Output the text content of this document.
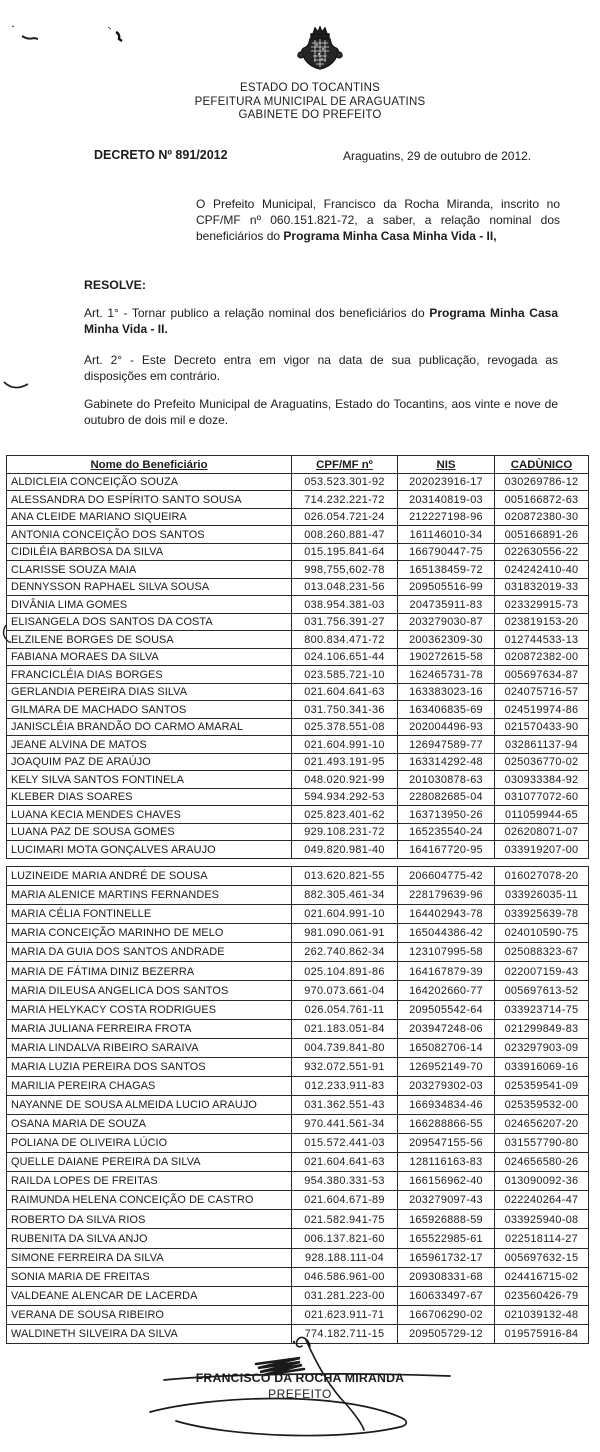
ESTADO DO TOCANTINS
PEFEITURA MUNICIPAL DE ARAGUATINS
GABINETE DO PREFEITO
DECRETO Nº 891/2012	Araguatins, 29 de outubro de 2012.
O Prefeito Municipal, Francisco da Rocha Miranda, inscrito no CPF/MF nº 060.151.821-72, a saber, a relação nominal dos beneficiários do Programa Minha Casa Minha Vida - II,
RESOLVE:
Art. 1° - Tornar publico a relação nominal dos beneficiários do Programa Minha Casa Minha Vida - II.
Art. 2° - Este Decreto entra em vigor na data de sua publicação, revogada as disposições em contrário.
Gabinete do Prefeito Municipal de Araguatins, Estado do Tocantins, aos vinte e nove de outubro de dois mil e doze.
Nome do Beneficiário	CPF/MF nº	NIS	CADÙNICO
ALDICLEIA CONCEIÇÃO SOUZA	053.523.301-92	202023916-17	030269786-12
ALESSANDRA DO ESPÍRITO SANTO SOUSA	714.232.221-72	203140819-03	005166872-63
ANA CLEIDE MARIANO SIQUEIRA	026.054.721-24	212227198-96	020872380-30
ANTONIA CONCEIÇÃO DOS SANTOS	008.260.881-47	161146010-34	005166891-26
CIDILÉIA BARBOSA DA SILVA	015.195.841-64	166790447-75	022630556-22
CLARISSE SOUZA MAIA	998,755,602-78	165138459-72	024242410-40
DENNYSSON RAPHAEL SILVA SOUSA	013.048.231-56	209505516-99	031832019-33
DIVÂNIA LIMA GOMES	038.954.381-03	204735911-83	023329915-73
ELISANGELA DOS SANTOS DA COSTA	031.756.391-27	203279030-87	023819153-20
ELZILENE BORGES DE SOUSA	800.834.471-72	200362309-30	012744533-13
FABIANA MORAES DA SILVA	024.106.651-44	190272615-58	020872382-00
FRANCICLÉIA DIAS BORGES	023.585.721-10	162465731-78	005697634-87
GERLANDIA PEREIRA DIAS SILVA	021.604.641-63	163383023-16	024075716-57
GILMARA DE MACHADO SANTOS	031.750.341-36	163406835-69	024519974-86
JANISCLÉIA BRANDÃO DO CARMO AMARAL	025.378.551-08	202004496-93	021570433-90
JEANE ALVINA DE MATOS	021.604.991-10	126947589-77	032861137-94
JOAQUIM PAZ DE ARAÚJO	021.493.191-95	163314292-48	025036770-02
KELY SILVA SANTOS FONTINELA	048.020.921-99	201030878-63	030933384-92
KLEBER DIAS SOARES	594.934.292-53	228082685-04	031077072-60
LUANA KECIA MENDES CHAVES	025.823.401-62	163713950-26	011059944-65
LUANA PAZ DE SOUSA GOMES	929.108.231-72	165235540-24	026208071-07
LUCIMARI MOTA GONÇALVES ARAUJO	049.820.981-40	164167720-95	033919207-00
LUZINEIDE MARIA ANDRÉ DE SOUSA	013.620.821-55	206604775-42	016027078-20
MARIA ALENICE MARTINS FERNANDES	882.305.461-34	228179639-96	033926035-11
MARIA CÉLIA FONTINELLE	021.604.991-10	164402943-78	033925639-78
MARIA CONCEIÇÃO MARINHO DE MELO	981.090.061-91	165044386-42	024010590-75
MARIA DA GUIA DOS SANTOS ANDRADE	262.740.862-34	123107995-58	025088323-67
MARIA DE FÁTIMA DINIZ BEZERRA	025.104.891-86	164167879-39	022007159-43
MARIA DILEUSA ANGELICA DOS SANTOS	970.073.661-04	164202660-77	005697613-52
MARIA HELYKACY COSTA RODRIGUES	026.054.761-11	209505542-64	033923714-75
MARIA JULIANA FERREIRA FROTA	021.183.051-84	203947248-06	021299849-83
MARIA LINDALVA RIBEIRO SARAIVA	004.739.841-80	165082706-14	023297903-09
MARIA LUZIA PEREIRA DOS SANTOS	932.072.551-91	126952149-70	033916069-16
MARILIA PEREIRA CHAGAS	012.233.911-83	203279302-03	025359541-09
NAYANNE DE SOUSA ALMEIDA LUCIO ARAUJO	031.362.551-43	166934834-46	025359532-00
OSANA MARIA DE SOUZA	970.441.561-34	166288866-55	024656207-20
POLIANA DE OLIVEIRA LÚCIO	015.572.441-03	209547155-56	031557790-80
QUELLE DAIANE PEREIRA DA SILVA	021.604.641-63	128116163-83	024656580-26
RAILDA LOPES DE FREITAS	954.380.331-53	166156962-40	013090092-36
RAIMUNDA HELENA CONCEIÇÃO DE CASTRO	021.604.671-89	203279097-43	022240264-47
ROBERTO DA SILVA RIOS	021.582.941-75	165926888-59	033925940-08
RUBENITA DA SILVA ANJO	006.137.821-60	165522985-61	022518114-27
SIMONE FERREIRA DA SILVA	928.188.111-04	165961732-17	005697632-15
SONIA MARIA DE FREITAS	046.586.961-00	209308331-68	024416715-02
VALDEANE ALENCAR DE LACERDA	031.281.223-00	160633497-67	023560426-79
VERANA DE SOUSA RIBEIRO	021.623.911-71	166706290-02	021039132-48
WALDINETH SILVEIRA DA SILVA	774.182.711-15	209505729-12	019575916-84
FRANCISCO DA ROCHA MIRANDA
PREFEITO
